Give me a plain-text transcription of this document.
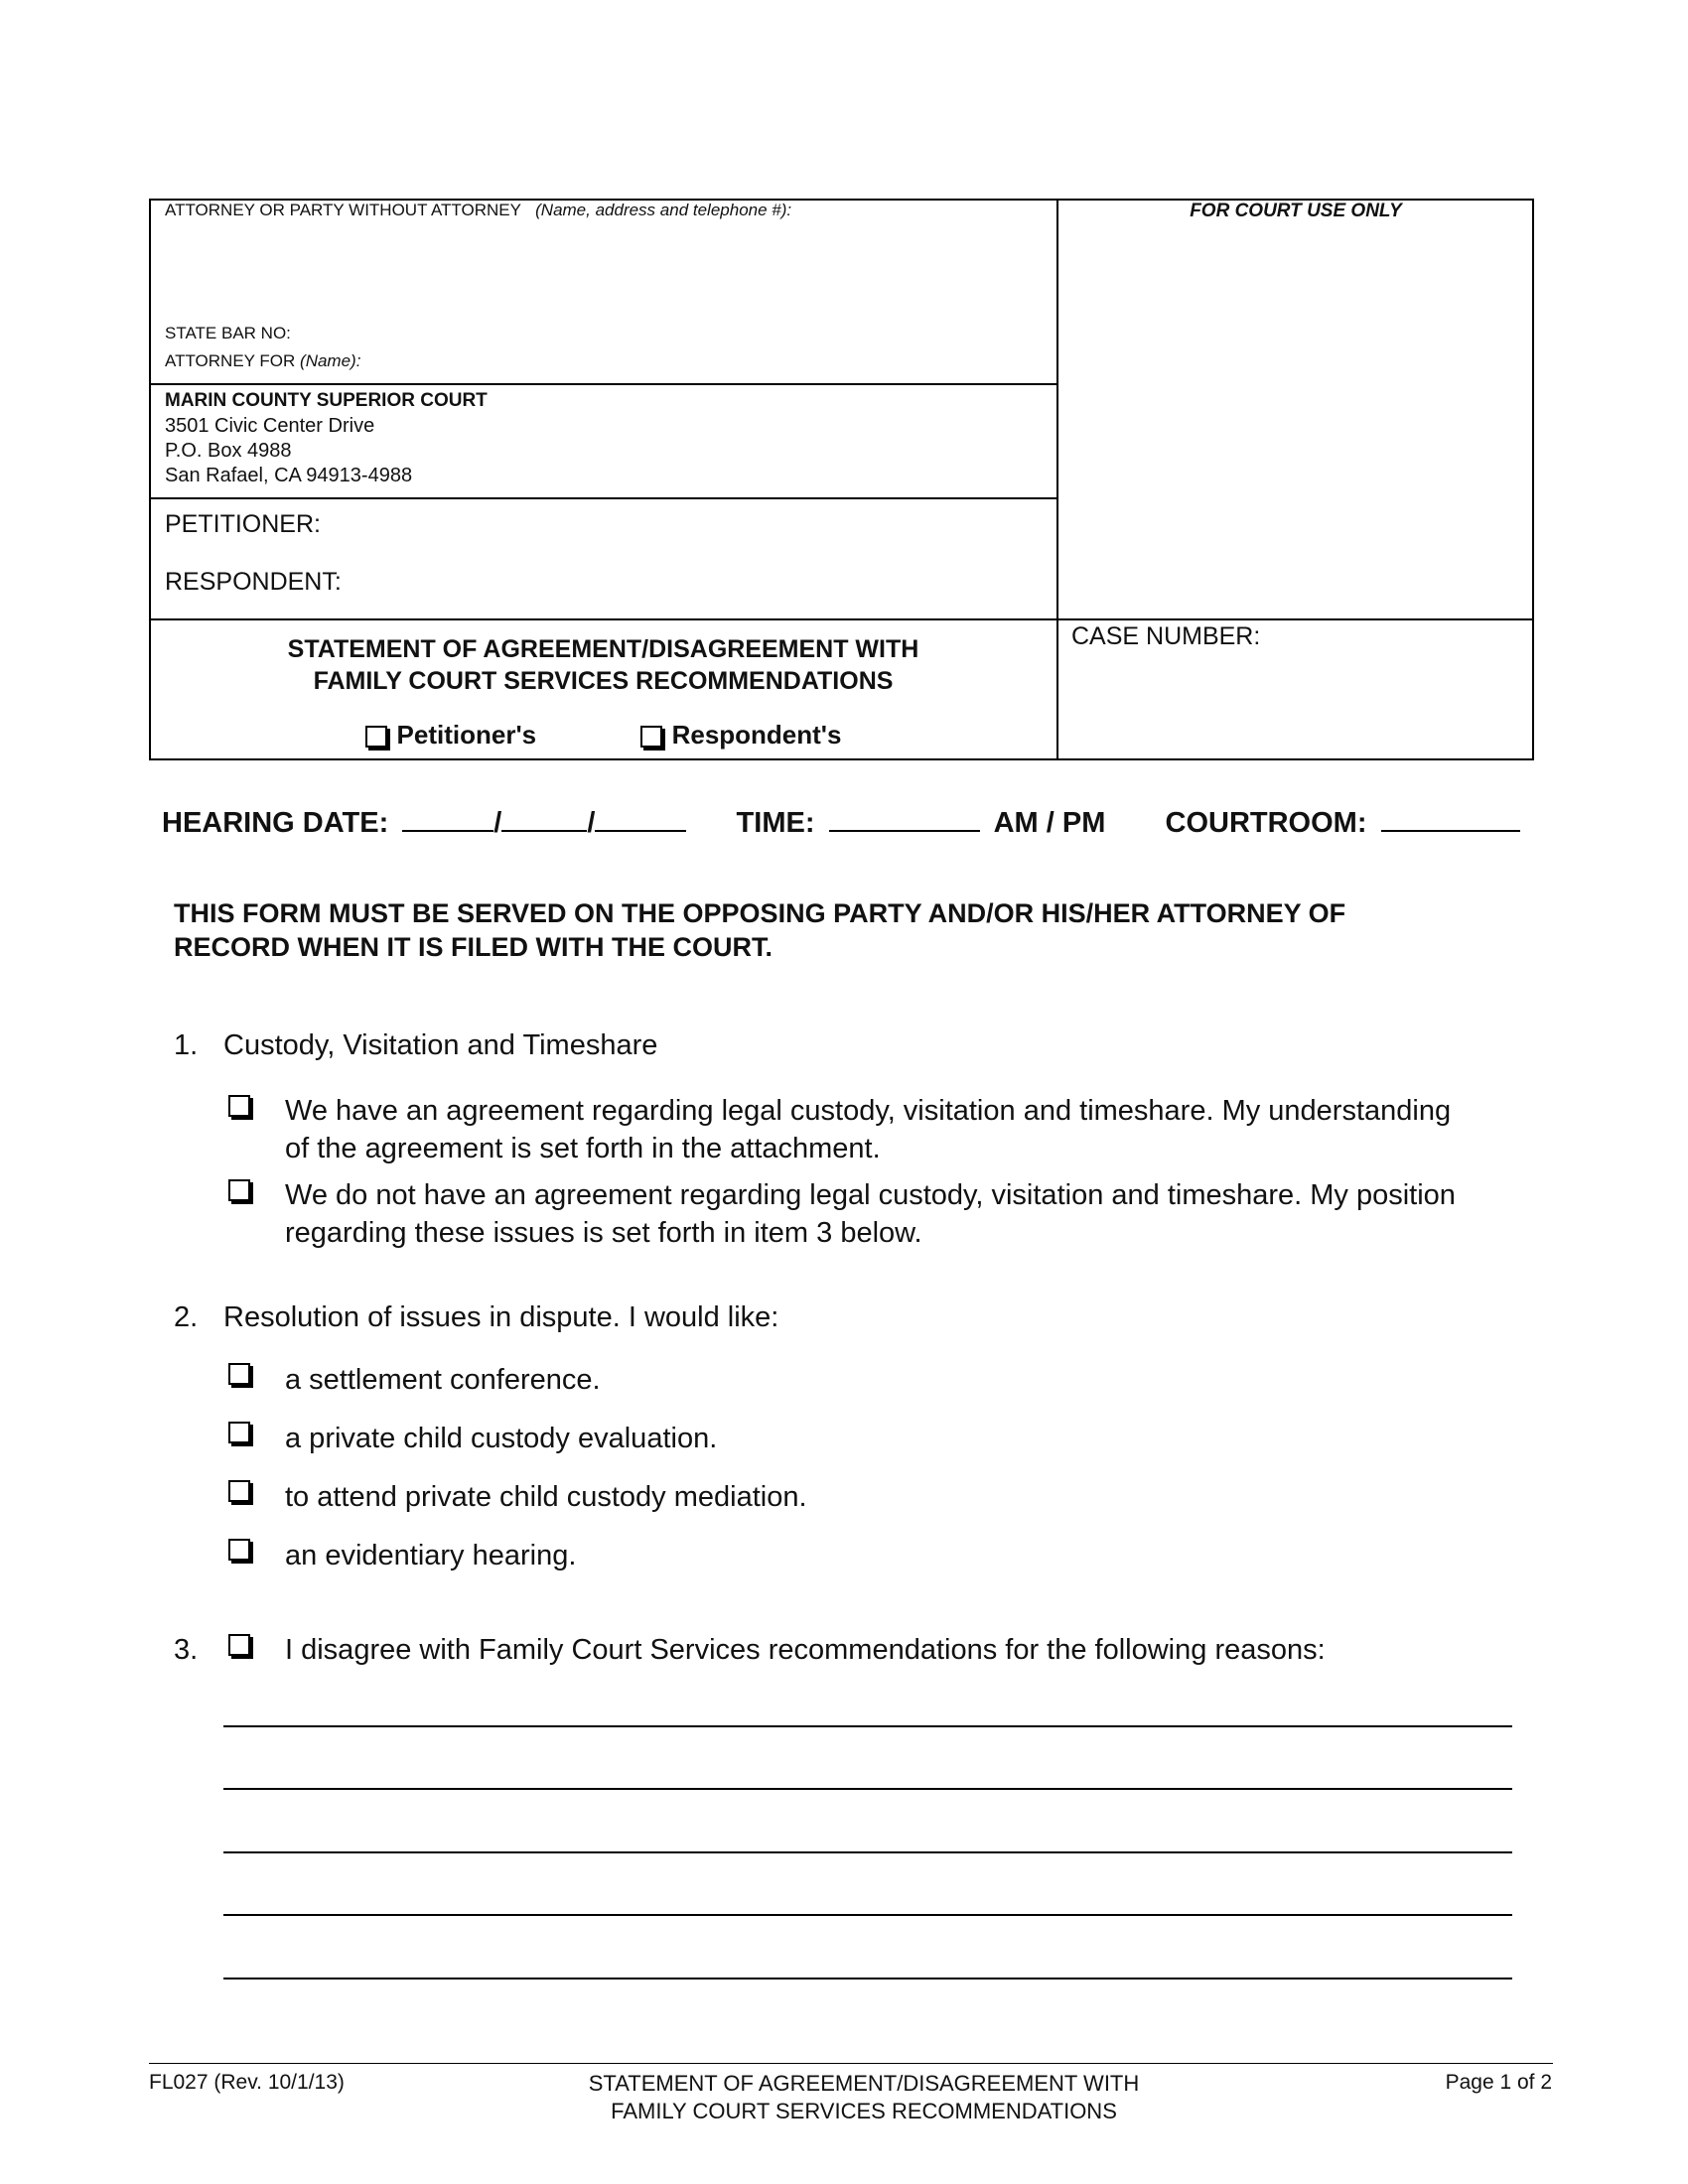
ATTORNEY OR PARTY WITHOUT ATTORNEY (Name, address and telephone #):
STATE BAR NO:
ATTORNEY FOR (Name):
FOR COURT USE ONLY
MARIN COUNTY SUPERIOR COURT
3501 Civic Center Drive
P.O. Box 4988
San Rafael, CA 94913-4988
PETITIONER:
RESPONDENT:
CASE NUMBER:
STATEMENT OF AGREEMENT/DISAGREEMENT WITH
FAMILY COURT SERVICES RECOMMENDATIONS
Petitioner's	Respondent's
HEARING DATE:	/	/	TIME:	AM / PM COURTROOM:
THIS FORM MUST BE SERVED ON THE OPPOSING PARTY AND/OR HIS/HER ATTORNEY OF
RECORD WHEN IT IS FILED WITH THE COURT.
1. Custody, Visitation and Timeshare
We have an agreement regarding legal custody, visitation and timeshare. My understanding
of the agreement is set forth in the attachment.
We do not have an agreement regarding legal custody, visitation and timeshare. My position
regarding these issues is set forth in item 3 below.
2. Resolution of issues in dispute. I would like:
a settlement conference.
a private child custody evaluation.
to attend private child custody mediation.
an evidentiary hearing.
3.	I disagree with Family Court Services recommendations for the following reasons:
FL027 (Rev. 10/1/13)	STATEMENT OF AGREEMENT/DISAGREEMENT WITH
FAMILY COURT SERVICES RECOMMENDATIONS
Page 1 of 2
